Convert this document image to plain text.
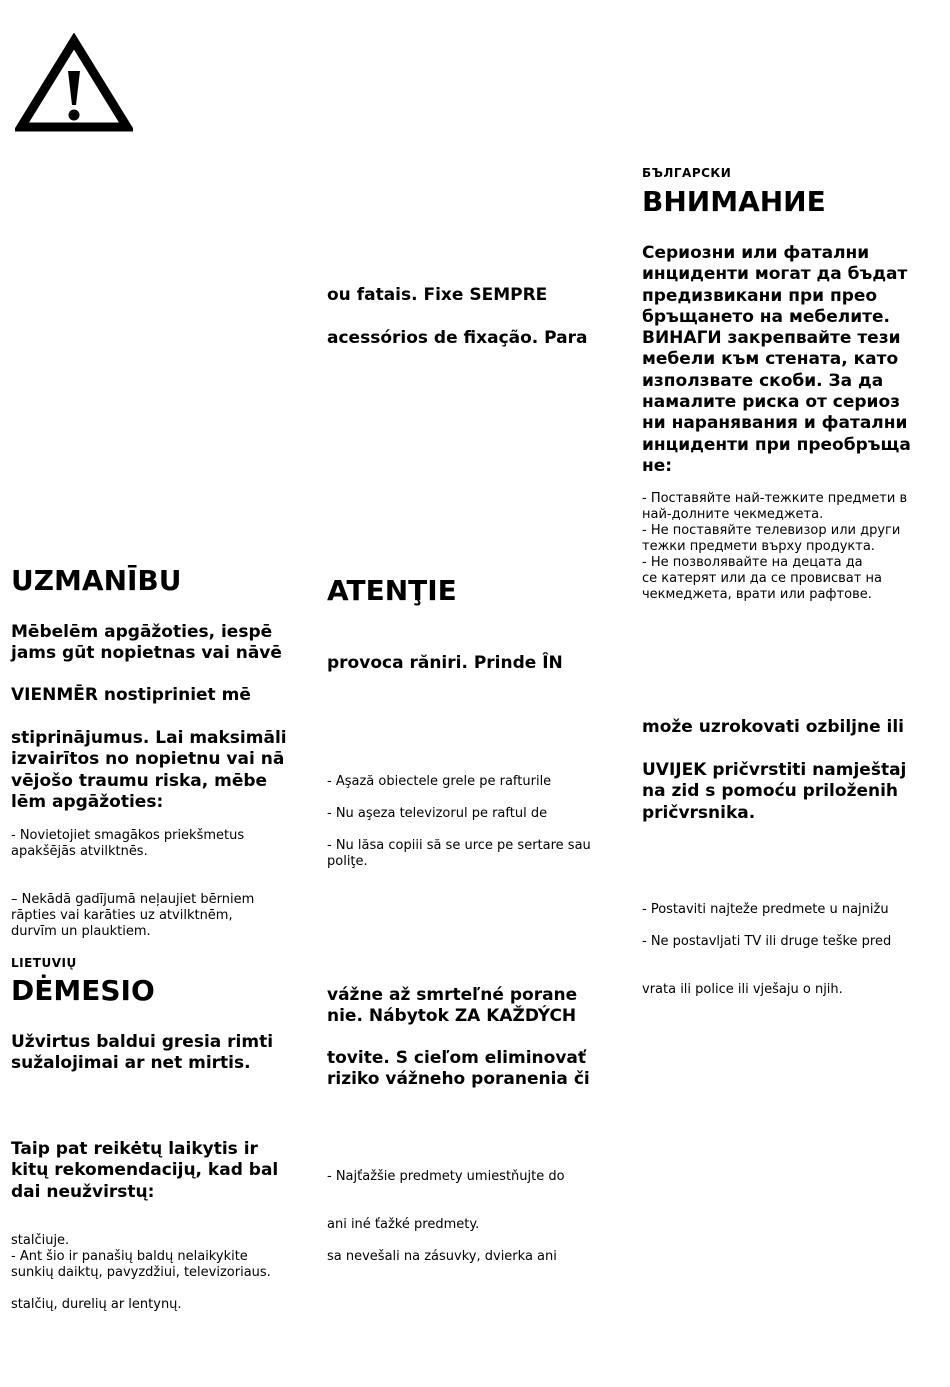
БЪЛГАРСКИ
ВНИМАНИЕ
Сериозни или фатални
инциденти могат да бъдат
предизвикани при прео
бръщането на мебелите.
ВИНАГИ закрепвайте тези
мебели към стената, като
използвате скоби. За да
намалите риска от сериоз
ни наранявания и фатални
инциденти при преобръща
не:
- Поставяйте най-тежките предмети в
най-долните чекмеджета.
- Не поставяйте телевизор или други
тежки предмети върху продукта.
- Не позволявайте на децата да
се катерят или да се провисват на
чекмеджета, врати или рафтове.
ou fatais. Fixe SEMPRE
acessórios de fixação. Para
UZMANĪBU
Mēbelēm apgāžoties, iespē
jams gūt nopietnas vai nāvē
VIENMĒR nostipriniet mē
stiprinājumus. Lai maksimāli
izvairītos no nopietnu vai nā
vējošo traumu riska, mēbe
lēm apgāžoties:
- Novietojiet smagākos priekšmetus
apakšējās atvilktnēs.
– Nekādā gadījumā neļaujiet bērniem
rāpties vai karāties uz atvilktnēm,
durvīm un plauktiem.
ATENŢIE
provoca răniri. Prinde ÎN
- Aşază obiectele grele pe rafturile
- Nu aşeza televizorul pe raftul de
- Nu lăsa copiii să se urce pe sertare sau
poliţe.
može uzrokovati ozbiljne ili
UVIJEK pričvrstiti namještaj
na zid s pomoću priloženih
pričvrsnika.
- Postaviti najteže predmete u najnižu
- Ne postavljati TV ili druge teške pred
vrata ili police ili vješaju o njih.
LIETUVIŲ
DĖMESIO
Užvirtus baldui gresia rimti
sužalojimai ar net mirtis.
Taip pat reikėtų laikytis ir
kitų rekomendacijų, kad bal
dai neužvirstų:
stalčiuje.
- Ant šio ir panašių baldų nelaikykite
sunkių daiktų, pavyzdžiui, televizoriaus.
stalčių, durelių ar lentynų.
vážne až smrteľné porane
nie. Nábytok ZA KAŽDÝCH
tovite. S cieľom eliminovať
riziko vážneho poranenia či
- Najťažšie predmety umiestňujte do
ani iné ťažké predmety.
sa nevešali na zásuvky, dvierka ani
